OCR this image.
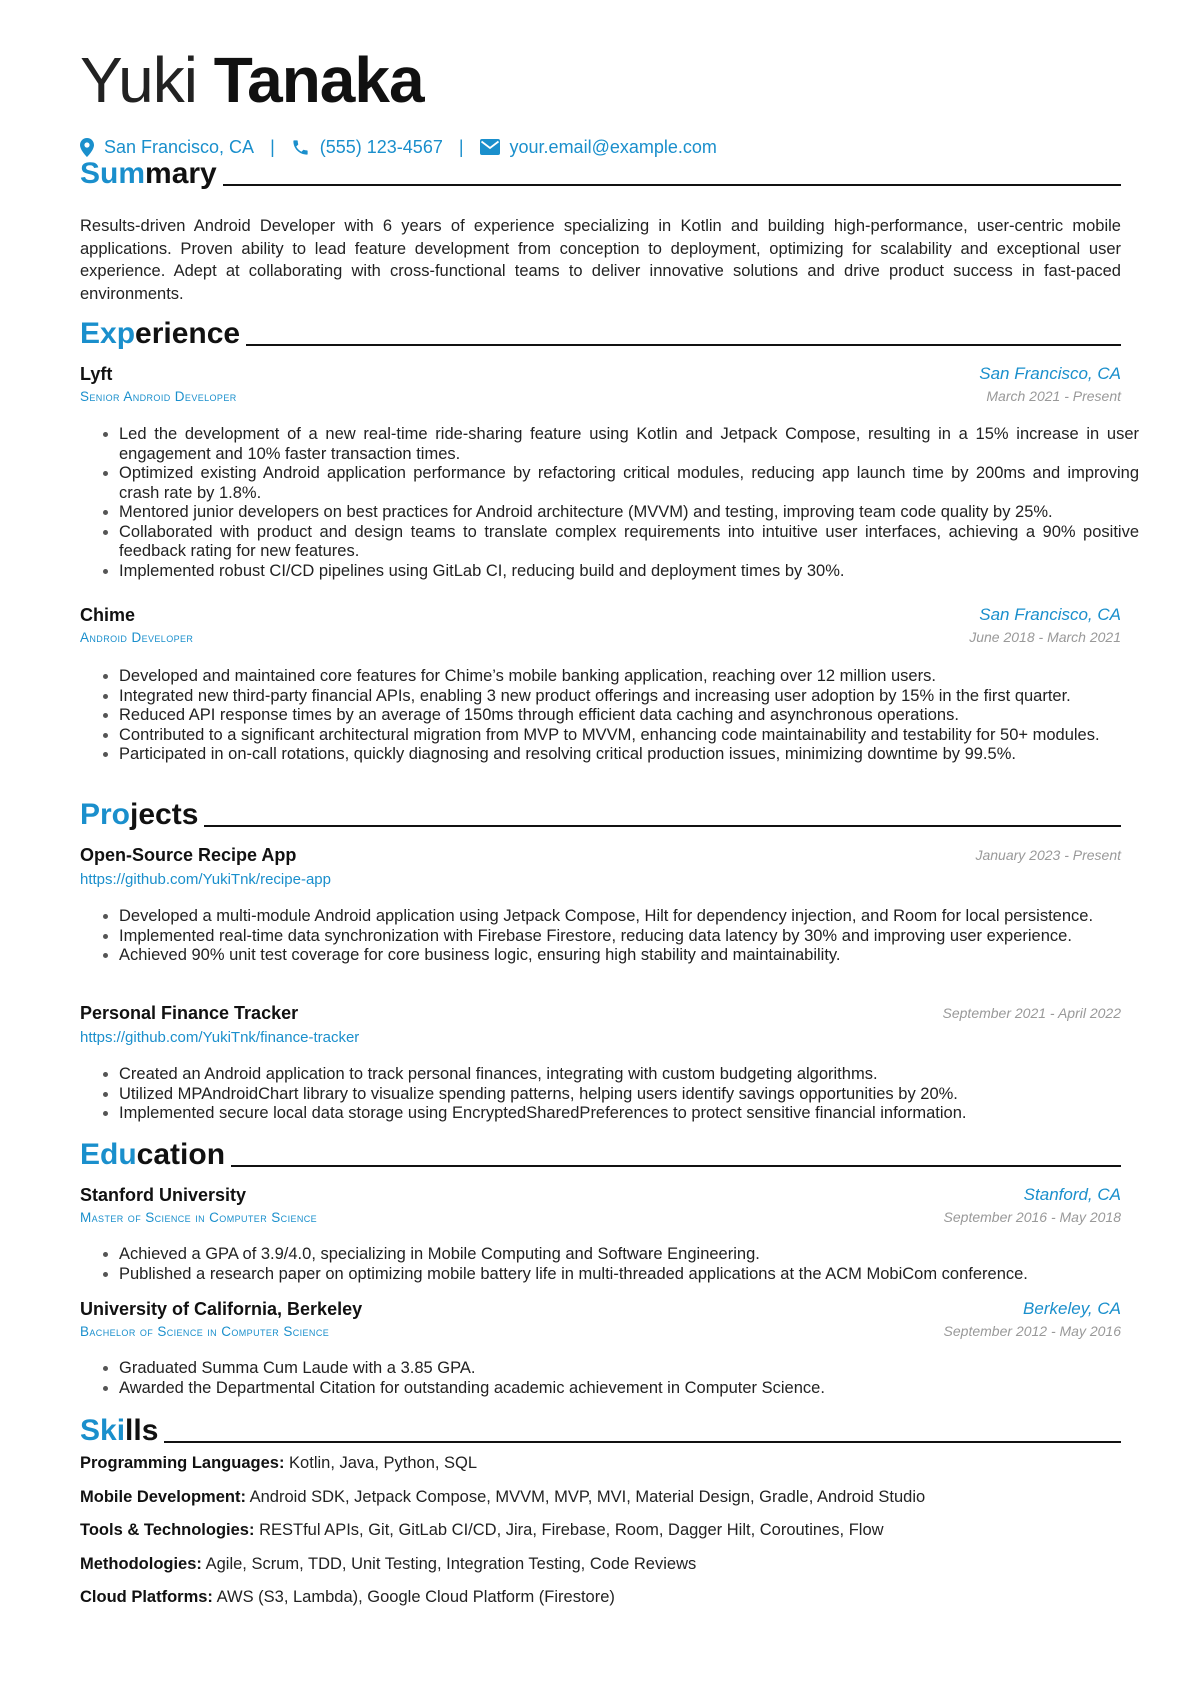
Yuki Tanaka
San Francisco, CA |	(555) 123-4567 |	your.email@example.com
Summary
Results-driven Android Developer with 6 years of experience specializing in Kotlin and building high-performance, user-centric mobile applications. Proven ability to lead feature development from conception to deployment, optimizing for scalability and exceptional user experience. Adept at collaborating with cross-functional teams to deliver innovative solutions and drive product success in fast-paced environments.
Experience
Lyft	San Francisco, CA
Senior Android Developer	March 2021 - Present
• Led the development of a new real-time ride-sharing feature using Kotlin and Jetpack Compose, resulting in a 15% increase in user engagement and 10% faster transaction times.
• Optimized existing Android application performance by refactoring critical modules, reducing app launch time by 200ms and improving crash rate by 1.8%.
• Mentored junior developers on best practices for Android architecture (MVVM) and testing, improving team code quality by 25%.
• Collaborated with product and design teams to translate complex requirements into intuitive user interfaces, achieving a 90% positive feedback rating for new features.
• Implemented robust CI/CD pipelines using GitLab CI, reducing build and deployment times by 30%.
Chime	San Francisco, CA
Android Developer	June 2018 - March 2021
• Developed and maintained core features for Chime’s mobile banking application, reaching over 12 million users.
• Integrated new third-party financial APIs, enabling 3 new product offerings and increasing user adoption by 15% in the first quarter.
• Reduced API response times by an average of 150ms through efficient data caching and asynchronous operations.
• Contributed to a significant architectural migration from MVP to MVVM, enhancing code maintainability and testability for 50+ modules.
• Participated in on-call rotations, quickly diagnosing and resolving critical production issues, minimizing downtime by 99.5%.
Projects
Open-Source Recipe App	January 2023 - Present
https://github.com/YukiTnk/recipe-app
• Developed a multi-module Android application using Jetpack Compose, Hilt for dependency injection, and Room for local persistence.
• Implemented real-time data synchronization with Firebase Firestore, reducing data latency by 30% and improving user experience.
• Achieved 90% unit test coverage for core business logic, ensuring high stability and maintainability.
Personal Finance Tracker	September 2021 - April 2022
https://github.com/YukiTnk/finance-tracker
• Created an Android application to track personal finances, integrating with custom budgeting algorithms.
• Utilized MPAndroidChart library to visualize spending patterns, helping users identify savings opportunities by 20%.
• Implemented secure local data storage using EncryptedSharedPreferences to protect sensitive financial information.
Education
Stanford University	Stanford, CA
Master of Science in Computer Science	September 2016 - May 2018
• Achieved a GPA of 3.9/4.0, specializing in Mobile Computing and Software Engineering.
• Published a research paper on optimizing mobile battery life in multi-threaded applications at the ACM MobiCom conference.
University of California, Berkeley	Berkeley, CA
Bachelor of Science in Computer Science	September 2012 - May 2016
• Graduated Summa Cum Laude with a 3.85 GPA.
• Awarded the Departmental Citation for outstanding academic achievement in Computer Science.
Skills
Programming Languages: Kotlin, Java, Python, SQL
Mobile Development: Android SDK, Jetpack Compose, MVVM, MVP, MVI, Material Design, Gradle, Android Studio
Tools & Technologies: RESTful APIs, Git, GitLab CI/CD, Jira, Firebase, Room, Dagger Hilt, Coroutines, Flow
Methodologies: Agile, Scrum, TDD, Unit Testing, Integration Testing, Code Reviews
Cloud Platforms: AWS (S3, Lambda), Google Cloud Platform (Firestore)
